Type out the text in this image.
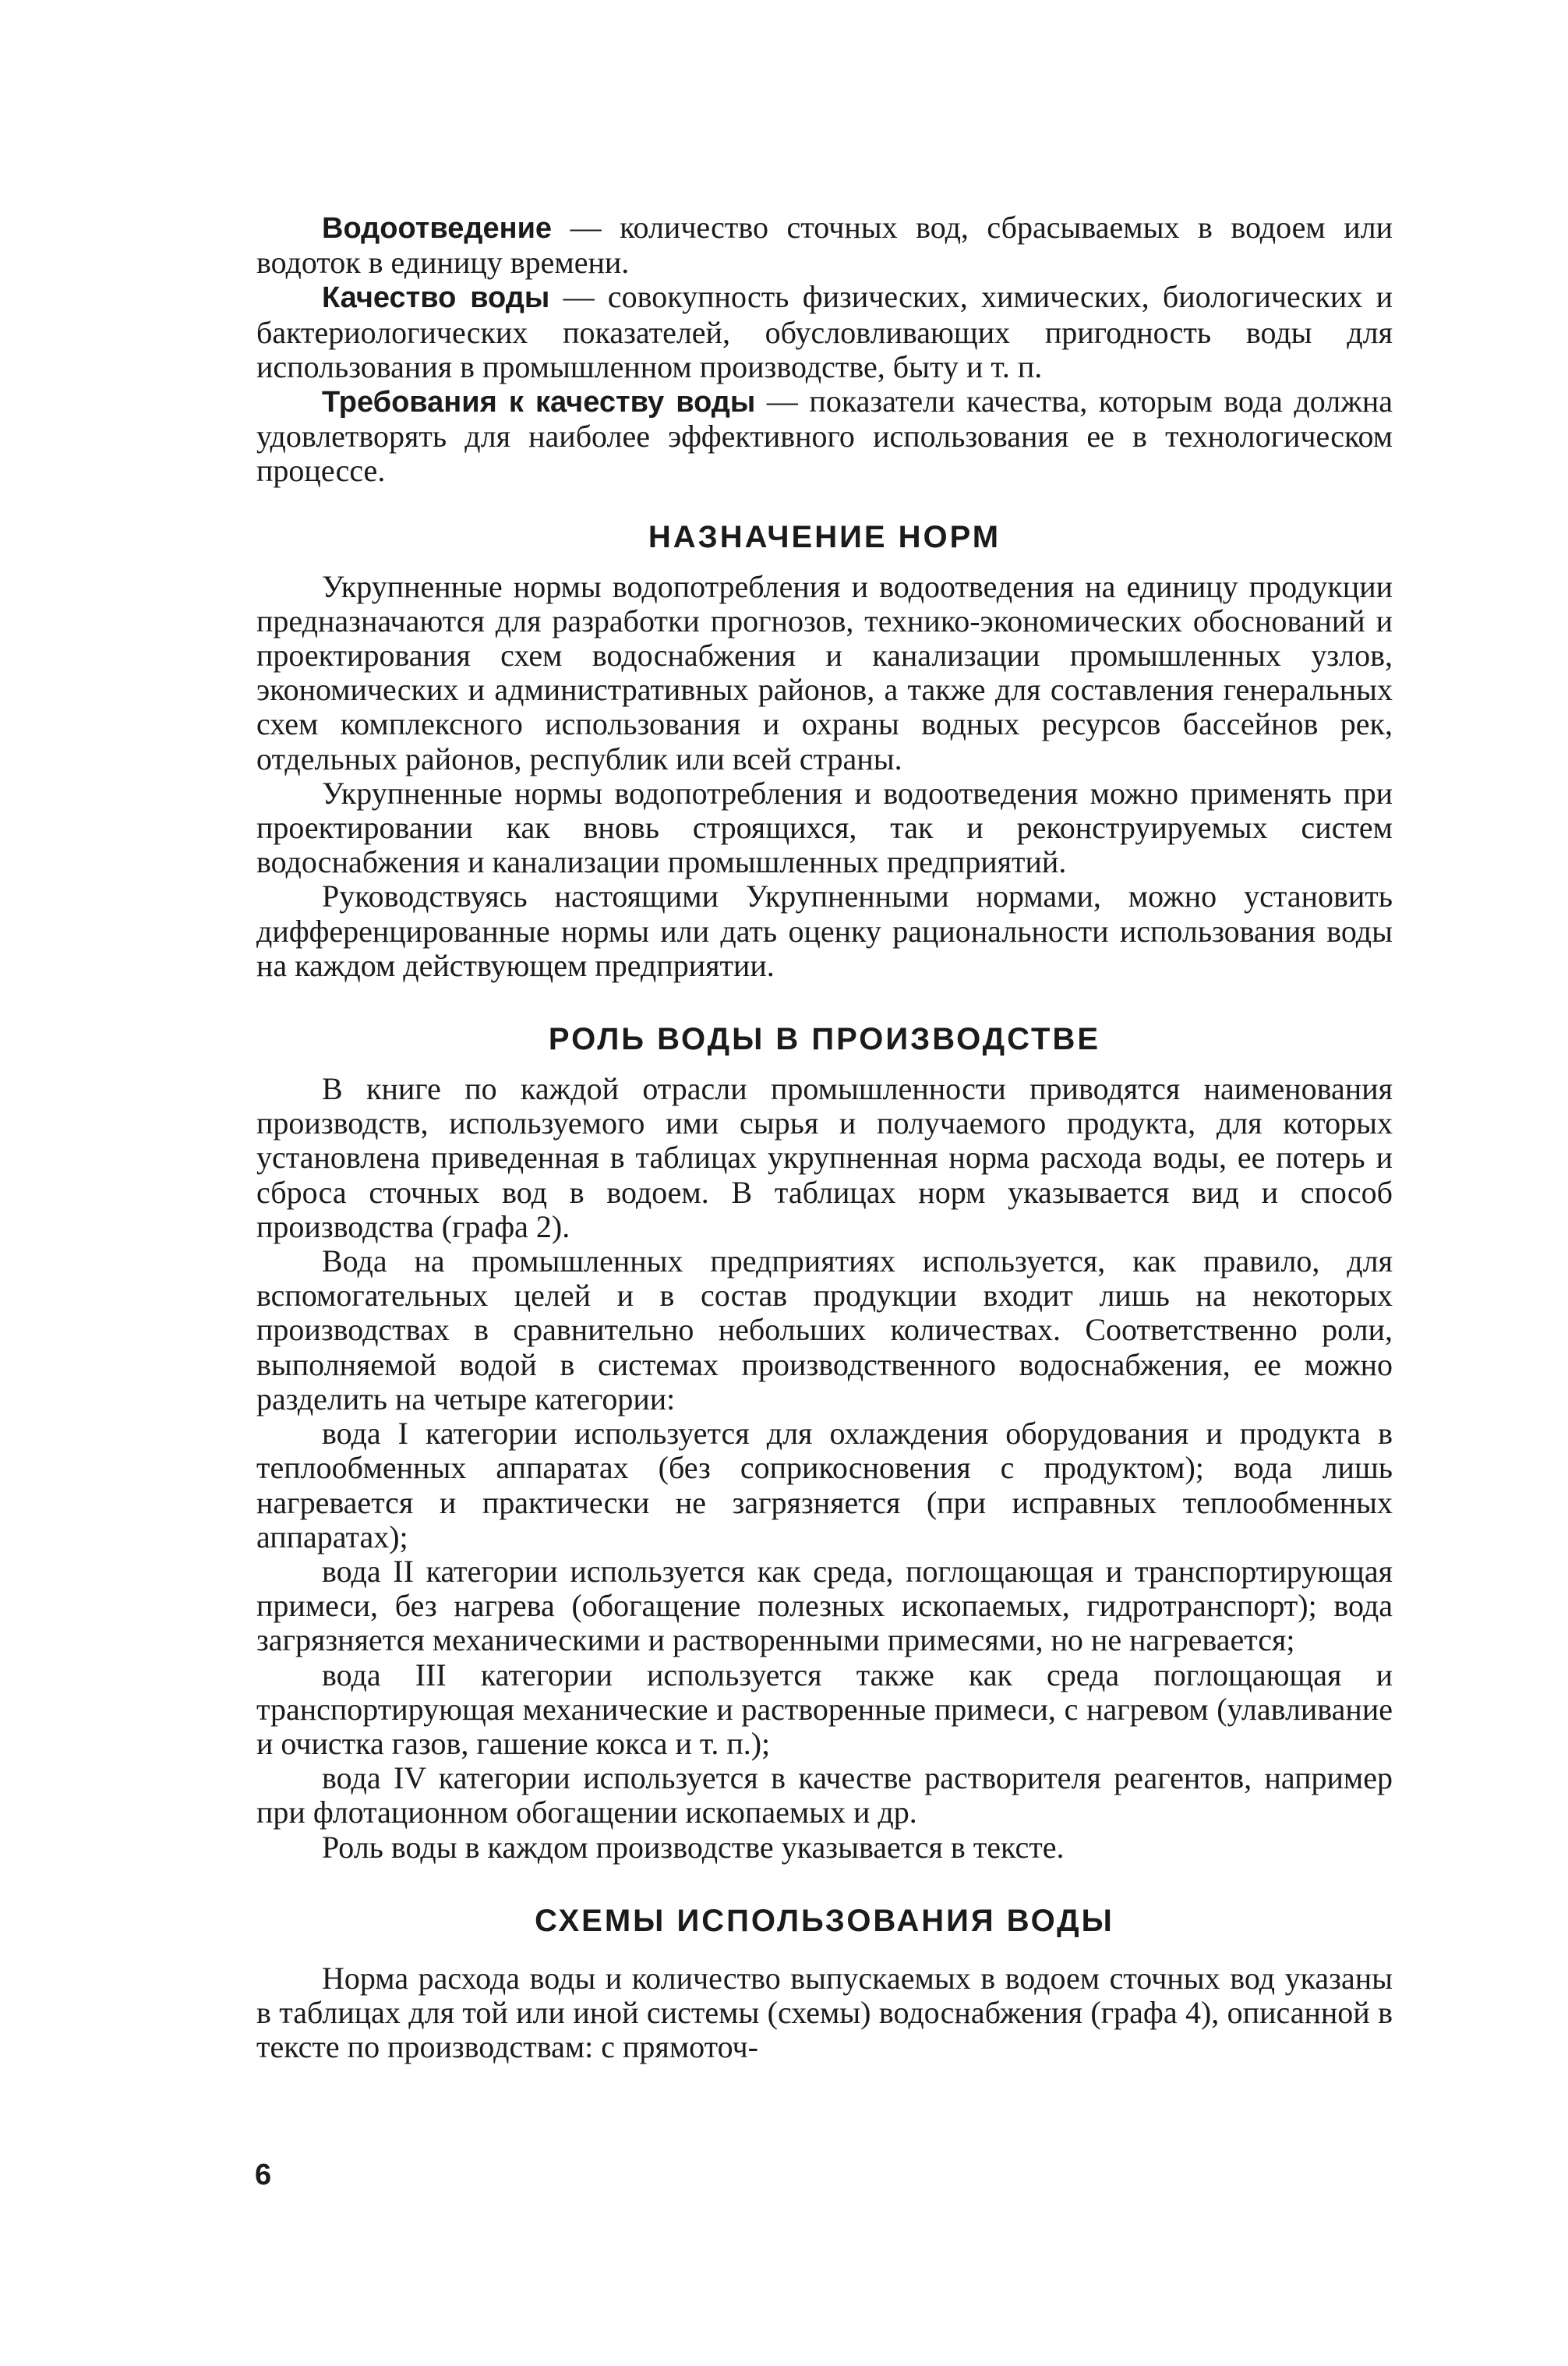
Водоотведение — количество сточных вод, сбрасываемых в водоем или водоток в единицу времени.

Качество воды — совокупность физических, химических, биологических и бактериологических показателей, обусловливающих пригодность воды для использования в промышленном производстве, быту и т. п.

Требования к качеству воды — показатели качества, которым вода должна удовлетворять для наиболее эффективного использования ее в технологическом процессе.

НАЗНАЧЕНИЕ НОРМ

Укрупненные нормы водопотребления и водоотведения на единицу продукции предназначаются для разработки прогнозов, технико-экономических обоснований и проектирования схем водоснабжения и канализации промышленных узлов, экономических и административных районов, а также для составления генеральных схем комплексного использования и охраны водных ресурсов бассейнов рек, отдельных районов, республик или всей страны.

Укрупненные нормы водопотребления и водоотведения можно применять при проектировании как вновь строящихся, так и реконструируемых систем водоснабжения и канализации промышленных предприятий.

Руководствуясь настоящими Укрупненными нормами, можно установить дифференцированные нормы или дать оценку рациональности использования воды на каждом действующем предприятии.

РОЛЬ ВОДЫ В ПРОИЗВОДСТВЕ

В книге по каждой отрасли промышленности приводятся наименования производств, используемого ими сырья и получаемого продукта, для которых установлена приведенная в таблицах укрупненная норма расхода воды, ее потерь и сброса сточных вод в водоем. В таблицах норм указывается вид и способ производства (графа 2).

Вода на промышленных предприятиях используется, как правило, для вспомогательных целей и в состав продукции входит лишь на некоторых производствах в сравнительно небольших количествах. Соответственно роли, выполняемой водой в системах производственного водоснабжения, ее можно разделить на четыре категории:

вода I категории используется для охлаждения оборудования и продукта в теплообменных аппаратах (без соприкосновения с продуктом); вода лишь нагревается и практически не загрязняется (при исправных теплообменных аппаратах);

вода II категории используется как среда, поглощающая и транспортирующая примеси, без нагрева (обогащение полезных ископаемых, гидротранспорт); вода загрязняется механическими и растворенными примесями, но не нагревается;

вода III категории используется также как среда поглощающая и транспортирующая механические и растворенные примеси, с нагревом (улавливание и очистка газов, гашение кокса и т. п.);

вода IV категории используется в качестве растворителя реагентов, например при флотационном обогащении ископаемых и др.

Роль воды в каждом производстве указывается в тексте.

СХЕМЫ ИСПОЛЬЗОВАНИЯ ВОДЫ

Норма расхода воды и количество выпускаемых в водоем сточных вод указаны в таблицах для той или иной системы (схемы) водоснабжения (графа 4), описанной в тексте по производствам: с прямоточ-

6
